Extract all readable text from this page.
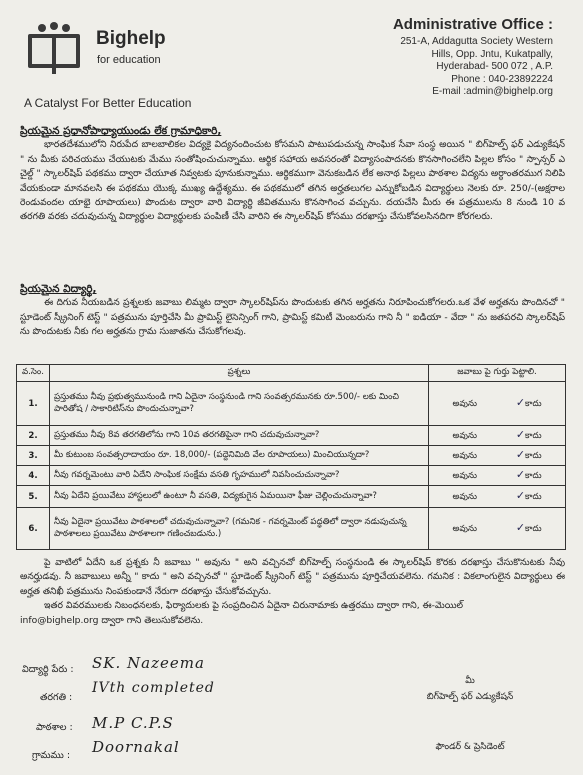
Bighelp
for education
A Catalyst For Better Education
Administrative Office :
251-A, Addagutta Society Western
Hills, Opp. Jntu, Kukatpally,
Hyderabad- 500 072 , A.P.
Phone : 040-23892224
E-mail :admin@bighelp.org
ప్రియమైన ప్రధానోపాధ్యాయుండు లేక గ్రామాధికారి,
భారతదేశములోని నిరుపేద బాలబాలికల విద్యకై విద్యనందించుట కోసమని పాటుపడుచున్న సాంఘిక సేవా సంస్థ అయిన " బిగ్‌హెల్ప్ ఫర్ ఎడ్యుకేషన్ " ను మీకు పరిచయము చేయుటకు మేము సంతోషించుచున్నాము. ఆర్థిక సహాయ అవసరంతో విద్యాసంపాదనకు కొనసాగించలేని పిల్లల కోసం " స్పాన్సర్ ఎ చైల్డ్ " స్కాలర్‌షిప్ పథకము ద్వారా చేయూత నివ్వటకు పూనుకున్నాము. ఆర్థికముగా వెనుకబడిన లేక అనాథ పిల్లలు పాఠశాల విద్యను అర్ధాంతరముగ నిలిపి వేయకుండా మానవలసి ఈ పథకము యొక్క ముఖ్య ఉద్దేశ్యము. ఈ పథకములో తగిన అర్హతలుగల ఎన్నుకోబడిన విద్యార్థులు నెలకు రూ. 250/-(అక్షరాల రెండువందల యాభై రూపాయలు) పొందుట ద్వారా వారి విద్యార్థి జీవితమును కొనసాగించ వచ్చును. దయచేసి మీరు ఈ పత్రములను 8 నుండి 10 వ తరగతి వరకు చదువుచున్న విద్యార్థుల విద్యార్థులకు పంపిణీ చేసి వారిని ఈ స్కాలర్‌షిప్ కోసము దరఖాస్తు చేసుకోవలసినదిగా కోరగలరు.
ప్రియమైన విద్యార్థి,
ఈ దిగువ నీయబడిన ప్రశ్నలకు జవాబు లిమ్మట ద్వారా స్కాలర్‌షిప్‌ను పొందుటకు తగిన అర్హతను నిరూపించుకోగలరు.ఒక వేళ అర్హతను పొందినచో " స్టూడెంట్ స్క్రీనింగ్ టెస్ట్ " పత్రమును పూర్తిచేసి మీ ప్రామిస్ట్ లైసెన్సింగ్ గాని, ప్రామిస్ట్ కమిటీ మెంబరును గాని నీ " ఐడియా - వేదా " ను జతపరచి స్కాలర్‌షిప్ ను పొందుటకు నీకు గల అర్హతను గ్రామ సుజాతను చేసుకోగలవు.
వ.సెం.	ప్రశ్నలు	జవాబు పై గుర్తు పెట్టాలి.
1.	ప్రస్తుతము నీవు ప్రభుత్వమునుండి గాని ఏదైనా సంస్థనుండి గాని సంవత్సరమునకు రూ.500/- లకు మించి పారితోష / సాకారిటిస్‌ను పొందుచున్నావా?	అవును ✓కాదు

2.	ప్రస్తుతము నీవు 8వ తరగతిలోను గాని 10వ తరగతిపైనా గాని చదువుచున్నావా?	అవును ✓కాదు

3.	మీ కుటుంబ సంవత్సరాదాయం రూ. 18,000/- (పద్దెనిమిది వేల రూపాయలు) మించియున్నదా?	అవును ✓కాదు

4.	నీవు గవర్నమెంటు వారి ఏదేని సాంఘిక సంక్షేమ వసతి గృహములో నివసించుచున్నావా?	అవును ✓కాదు

5.	నీవు ఏదేని ప్రయివేటు హాస్టలులో ఉంటూ నీ వసతి, విద్యకుగైన ఏమయినా ఫీజు చెల్లించుచున్నావా?	అవును ✓కాదు

6.	నీవు ఏదైనా ప్రయివేటు పాఠశాలలో చదువుచున్నావా? (గమనిక - గవర్నమెంట్ పద్ధతిలో ద్వారా నడుపుచున్న పాఠశాలలు ప్రయివేటు పాఠశాలగా గణించబడును.)	అవును ✓కాదు
పై వాటిలో ఏదేని ఒక ప్రశ్నకు నీ జవాబు " అవును " అని వచ్చినచో బిగ్‌హెల్ప్ సంస్థనుండి ఈ స్కాలర్‌షిప్ కొరకు దరఖాస్తు చేసుకొనుటకు నీవు అనర్హుడవు. నీ జవాబులు అన్నీ " కాదు " అని వచ్చినచో " స్టూడెంట్ స్క్రీనింగ్ టెస్ట్ " పత్రమును పూర్తిచేయవలెను. గమనిక : వికలాంగులైన విద్యార్థులు ఈ అర్హత తనిఖీ పత్రమును నింపకుండానే నేరుగా దరఖాస్తు చేసుకోవచ్చును.
ఇతర వివరములకు నిబంధనలకు, ఫిర్యాదులకు పై సంప్రదించిన ఏదైనా చిరునామాకు ఉత్తరము ద్వారా గాని, ఈ-మెయిల్
info@bighelp.org ద్వారా గాని తెలుసుకోవలెను.
విద్యార్థి పేరు : SK. Nazeema
తరగతి :
IVth completed
పాఠశాల : M.P C.P.S
గ్రామము : Doornakal
మీ
బిగ్‌హెల్ప్ ఫర్ ఎడ్యుకేషన్
ఫౌండర్ & ప్రెసిడెంట్
